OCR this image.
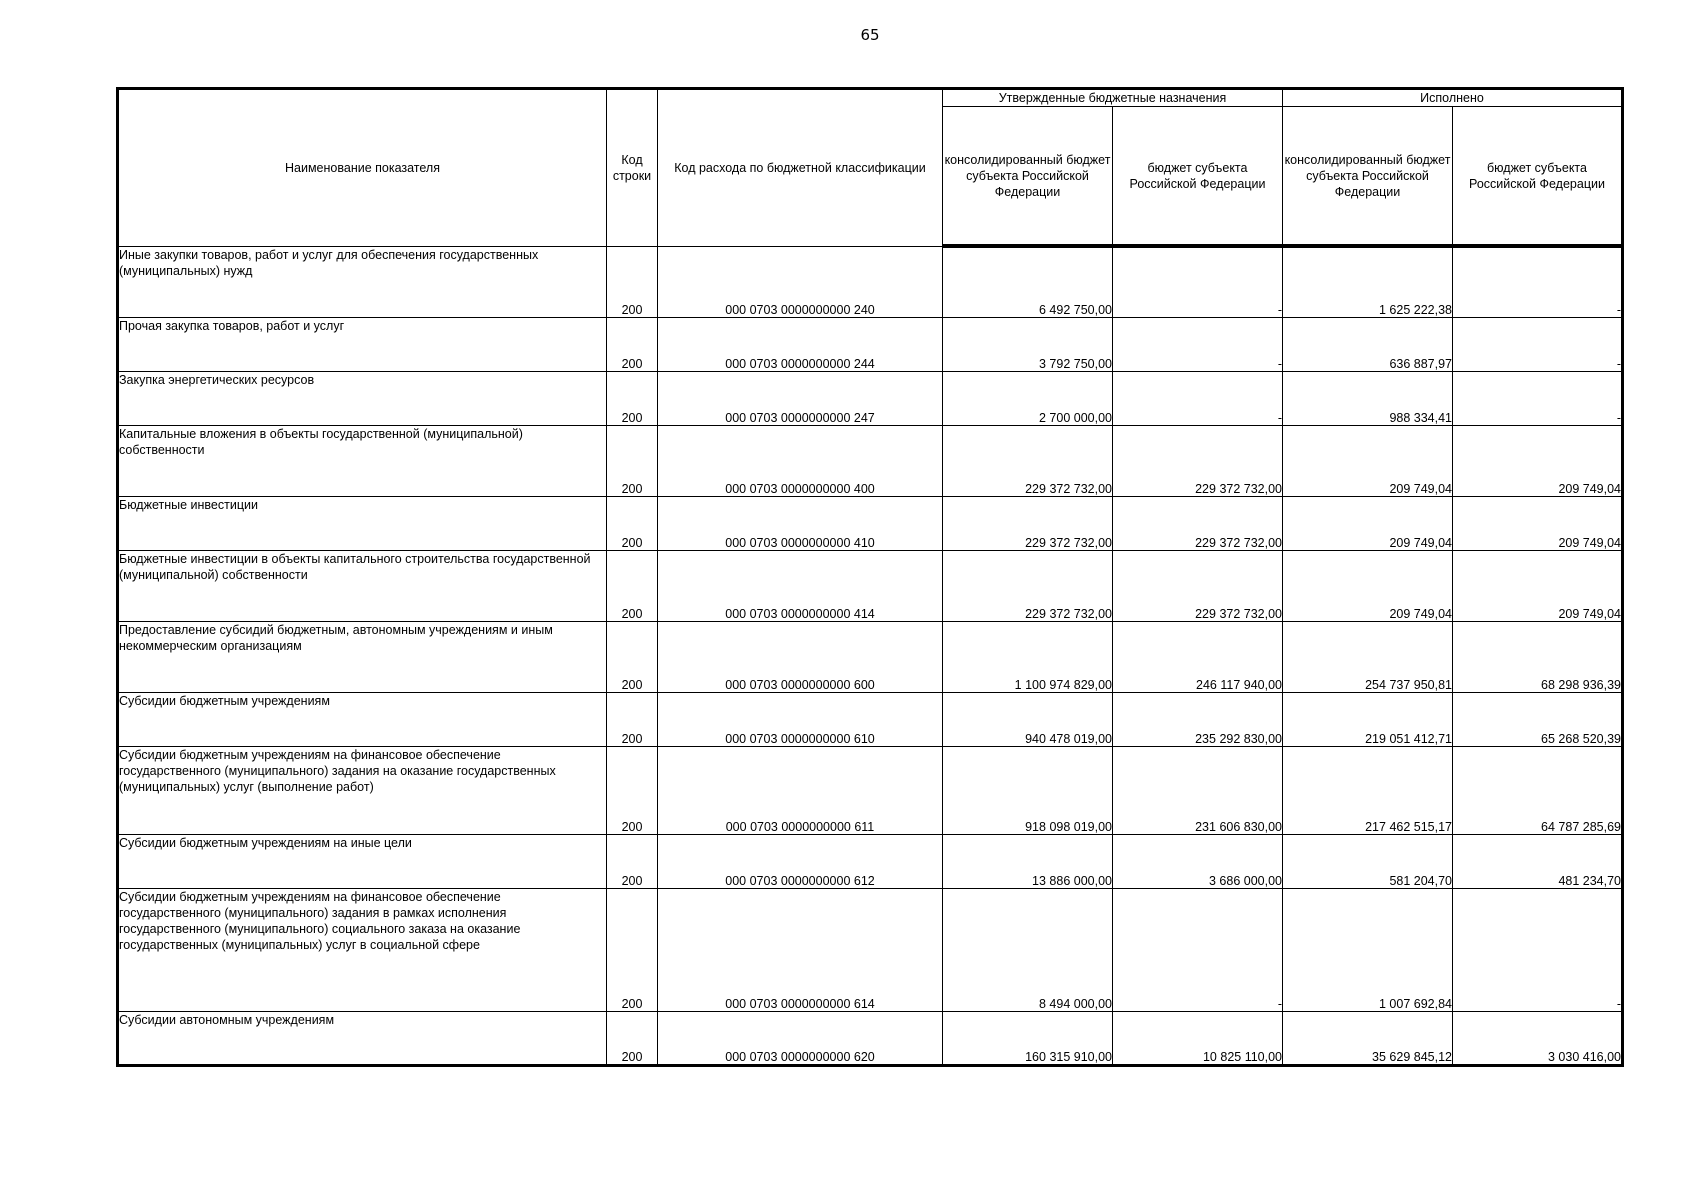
65
Наименование показателя	Код строки	Код расхода по бюджетной классификации	Утвержденные бюджетные назначения		Исполнено	
			консолидированный бюджет субъекта Российской Федерации	бюджет субъекта Российской Федерации	консолидированный бюджет субъекта Российской Федерации	бюджет субъекта Российской Федерации
Иные закупки товаров, работ и услуг для обеспечения государственных (муниципальных) нужд	200	000 0703 0000000000 240	6 492 750,00	-	1 625 222,38	-
Прочая закупка товаров, работ и услуг	200	000 0703 0000000000 244	3 792 750,00	-	636 887,97	-
Закупка энергетических ресурсов	200	000 0703 0000000000 247	2 700 000,00	-	988 334,41	-
Капитальные вложения в объекты государственной (муниципальной) собственности	200	000 0703 0000000000 400	229 372 732,00	229 372 732,00	209 749,04	209 749,04
Бюджетные инвестиции	200	000 0703 0000000000 410	229 372 732,00	229 372 732,00	209 749,04	209 749,04
Бюджетные инвестиции в объекты капитального строительства государственной (муниципальной) собственности	200	000 0703 0000000000 414	229 372 732,00	229 372 732,00	209 749,04	209 749,04
Предоставление субсидий бюджетным, автономным учреждениям и иным некоммерческим организациям	200	000 0703 0000000000 600	1 100 974 829,00	246 117 940,00	254 737 950,81	68 298 936,39
Субсидии бюджетным учреждениям	200	000 0703 0000000000 610	940 478 019,00	235 292 830,00	219 051 412,71	65 268 520,39
Субсидии бюджетным учреждениям на финансовое обеспечение государственного (муниципального) задания на оказание государственных (муниципальных) услуг (выполнение работ)	200	000 0703 0000000000 611	918 098 019,00	231 606 830,00	217 462 515,17	64 787 285,69
Субсидии бюджетным учреждениям на иные цели	200	000 0703 0000000000 612	13 886 000,00	3 686 000,00	581 204,70	481 234,70
Субсидии бюджетным учреждениям на финансовое обеспечение государственного (муниципального) задания в рамках исполнения государственного (муниципального) социального заказа на оказание государственных (муниципальных) услуг в социальной сфере	200	000 0703 0000000000 614	8 494 000,00	-	1 007 692,84	-
Субсидии автономным учреждениям	200	000 0703 0000000000 620	160 315 910,00	10 825 110,00	35 629 845,12	3 030 416,00
